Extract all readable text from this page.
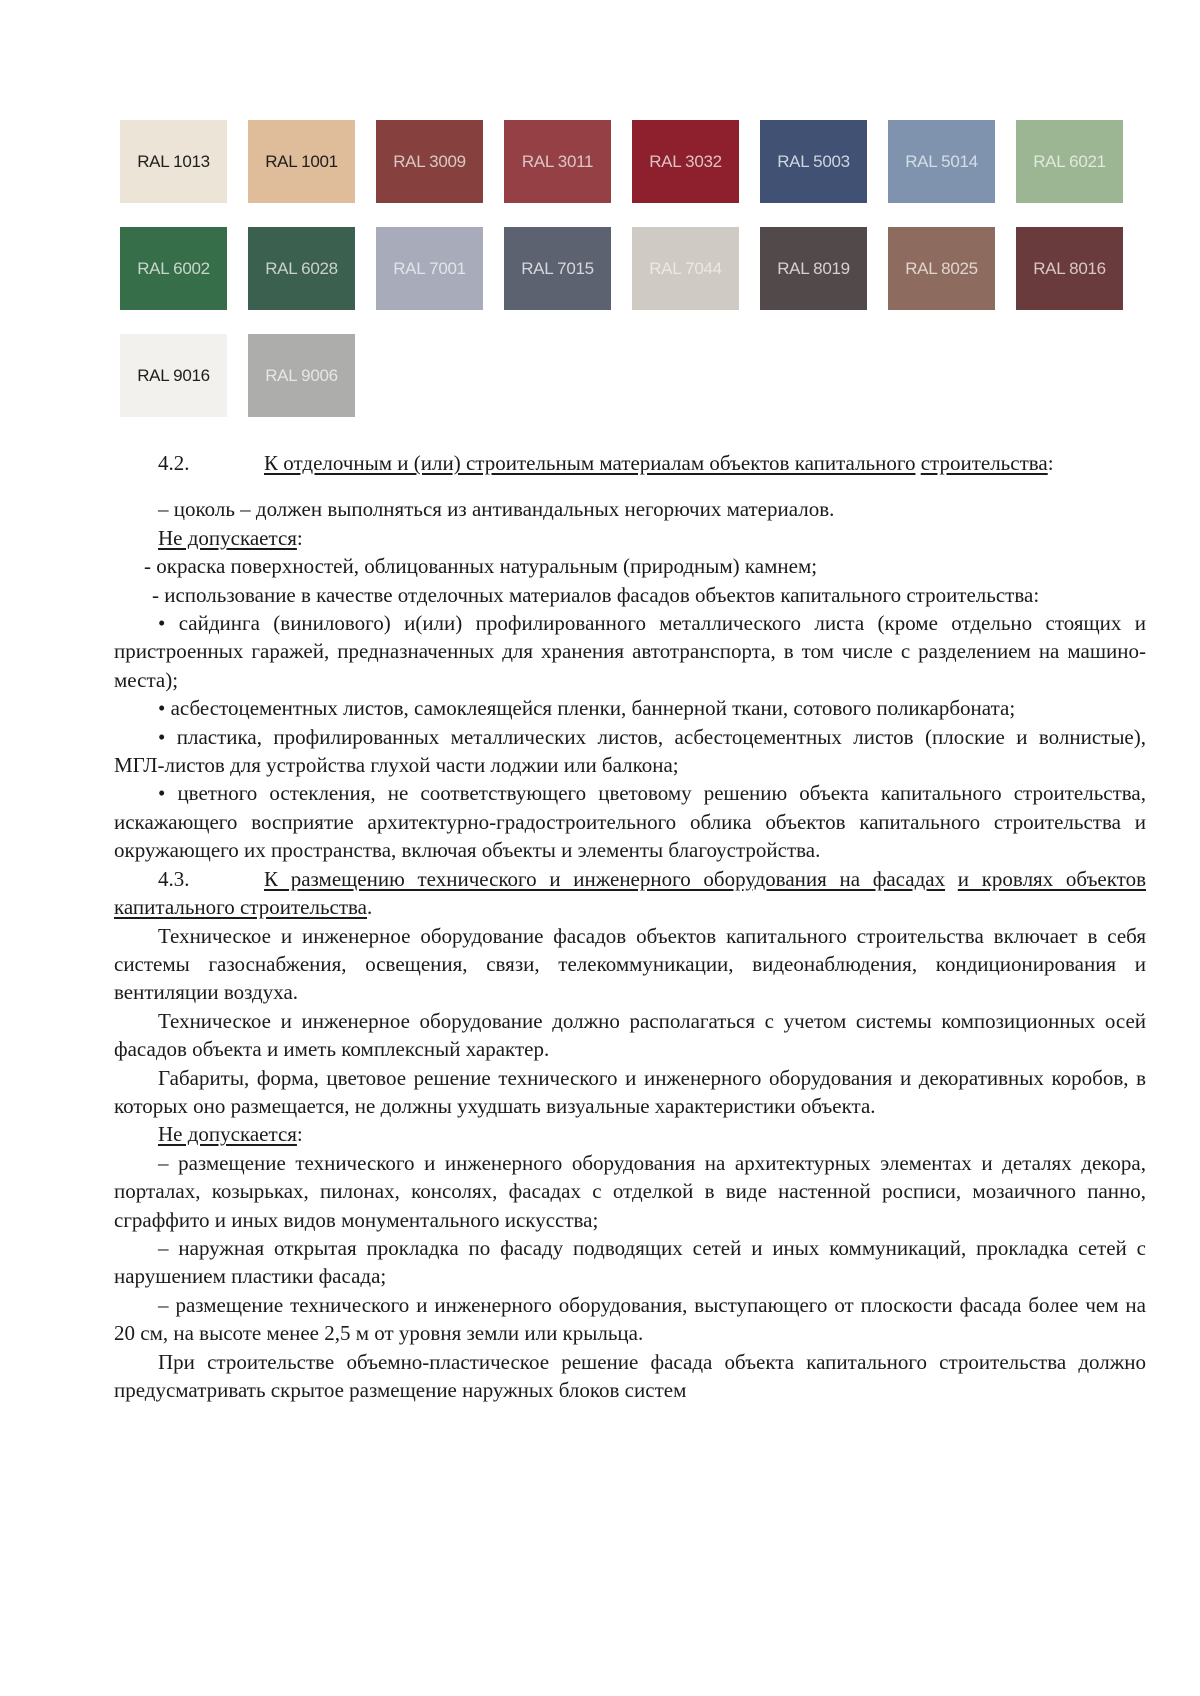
RAL 1013	RAL 1001	RAL 3009	RAL 3011	RAL 3032	RAL 5003	RAL 5014	RAL 6021
RAL 6002	RAL 6028	RAL 7001	RAL 7015	RAL 7044	RAL 8019	RAL 8025	RAL 8016
RAL 9016	RAL 9006

4.2.	К отделочным и (или) строительным материалам объектов капитального строительства:

– цоколь – должен выполняться из антивандальных негорючих материалов.

Не допускается:

- окраска поверхностей, облицованных натуральным (природным) камнем;

- использование в качестве отделочных материалов фасадов объектов капитального строительства:

• сайдинга (винилового) и(или) профилированного металлического листа (кроме отдельно стоящих и пристроенных гаражей, предназначенных для хранения автотранспорта, в том числе с разделением на машино-места);

• асбестоцементных листов, самоклеящейся пленки, баннерной ткани, сотового поликарбоната;

• пластика, профилированных металлических листов, асбестоцементных листов (плоские и волнистые), МГЛ-листов для устройства глухой части лоджии или балкона;

• цветного остекления, не соответствующего цветовому решению объекта капитального строительства, искажающего восприятие архитектурно-градостроительного облика объектов капитального строительства и окружающего их пространства, включая объекты и элементы благоустройства.

4.3.	К размещению технического и инженерного оборудования на фасадах и кровлях объектов капитального строительства.

Техническое и инженерное оборудование фасадов объектов капитального строительства включает в себя системы газоснабжения, освещения, связи, телекоммуникации, видеонаблюдения, кондиционирования и вентиляции воздуха.

Техническое и инженерное оборудование должно располагаться с учетом системы композиционных осей фасадов объекта и иметь комплексный характер.

Габариты, форма, цветовое решение технического и инженерного оборудования и декоративных коробов, в которых оно размещается, не должны ухудшать визуальные характеристики объекта.

Не допускается:

– размещение технического и инженерного оборудования на архитектурных элементах и деталях декора, порталах, козырьках, пилонах, консолях, фасадах с отделкой в виде настенной росписи, мозаичного панно, сграффито и иных видов монументального искусства;

– наружная открытая прокладка по фасаду подводящих сетей и иных коммуникаций, прокладка сетей с нарушением пластики фасада;

– размещение технического и инженерного оборудования, выступающего от плоскости фасада более чем на 20 см, на высоте менее 2,5 м от уровня земли или крыльца.

При строительстве объемно-пластическое решение фасада объекта капитального строительства должно предусматривать скрытое размещение наружных блоков систем
